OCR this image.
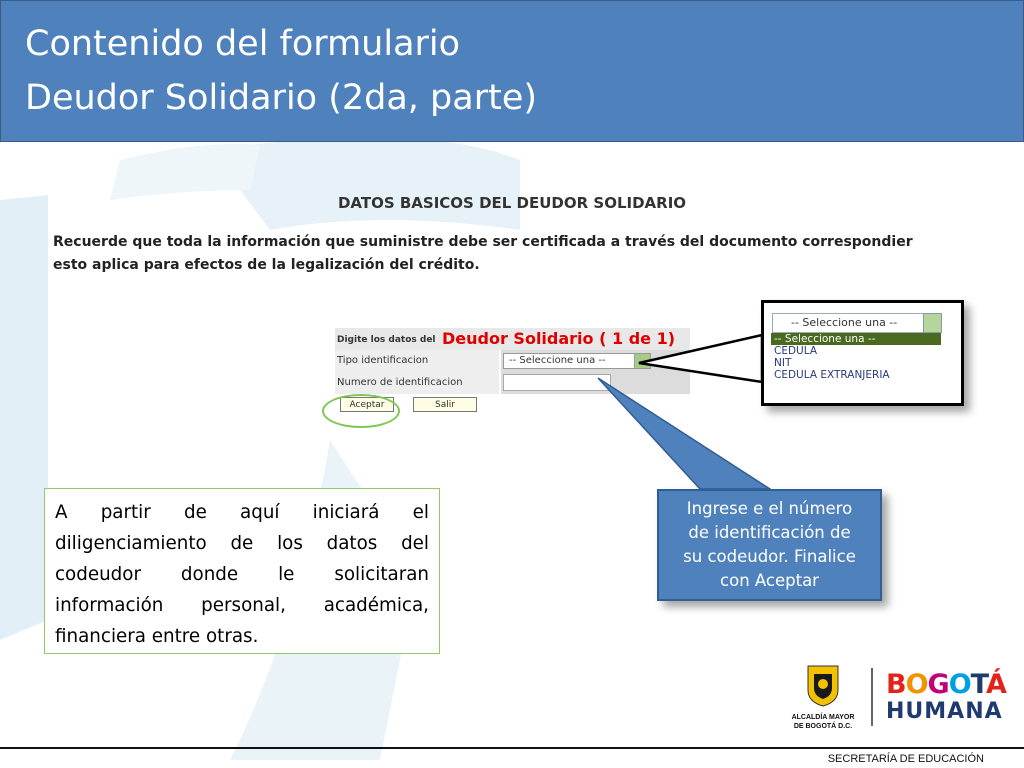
Contenido del formulario
Deudor Solidario (2da, parte)
DATOS BASICOS DEL DEUDOR SOLIDARIO
Recuerde que toda la información que suministre debe ser certificada a través del documento correspondier
esto aplica para efectos de la legalización del crédito.
Digite los datos del Deudor Solidario ( 1 de 1)
Tipo identificacion	-- Seleccione una --
Numero de identificacion
Aceptar	Salir
-- Seleccione una --
-- Seleccione una --
CEDULA
NIT
CEDULA EXTRANJERIA
A partir de aquí iniciará el diligenciamiento de los datos del codeudor donde le solicitaran información personal, académica, financiera entre otras.
Ingrese e el número
de identificación de
su codeudor. Finalice
con Aceptar
ALCALDÍA MAYOR
DE BOGOTÁ D.C.
BOGOTÁ
HUMANA
SECRETARÍA DE EDUCACIÓN
